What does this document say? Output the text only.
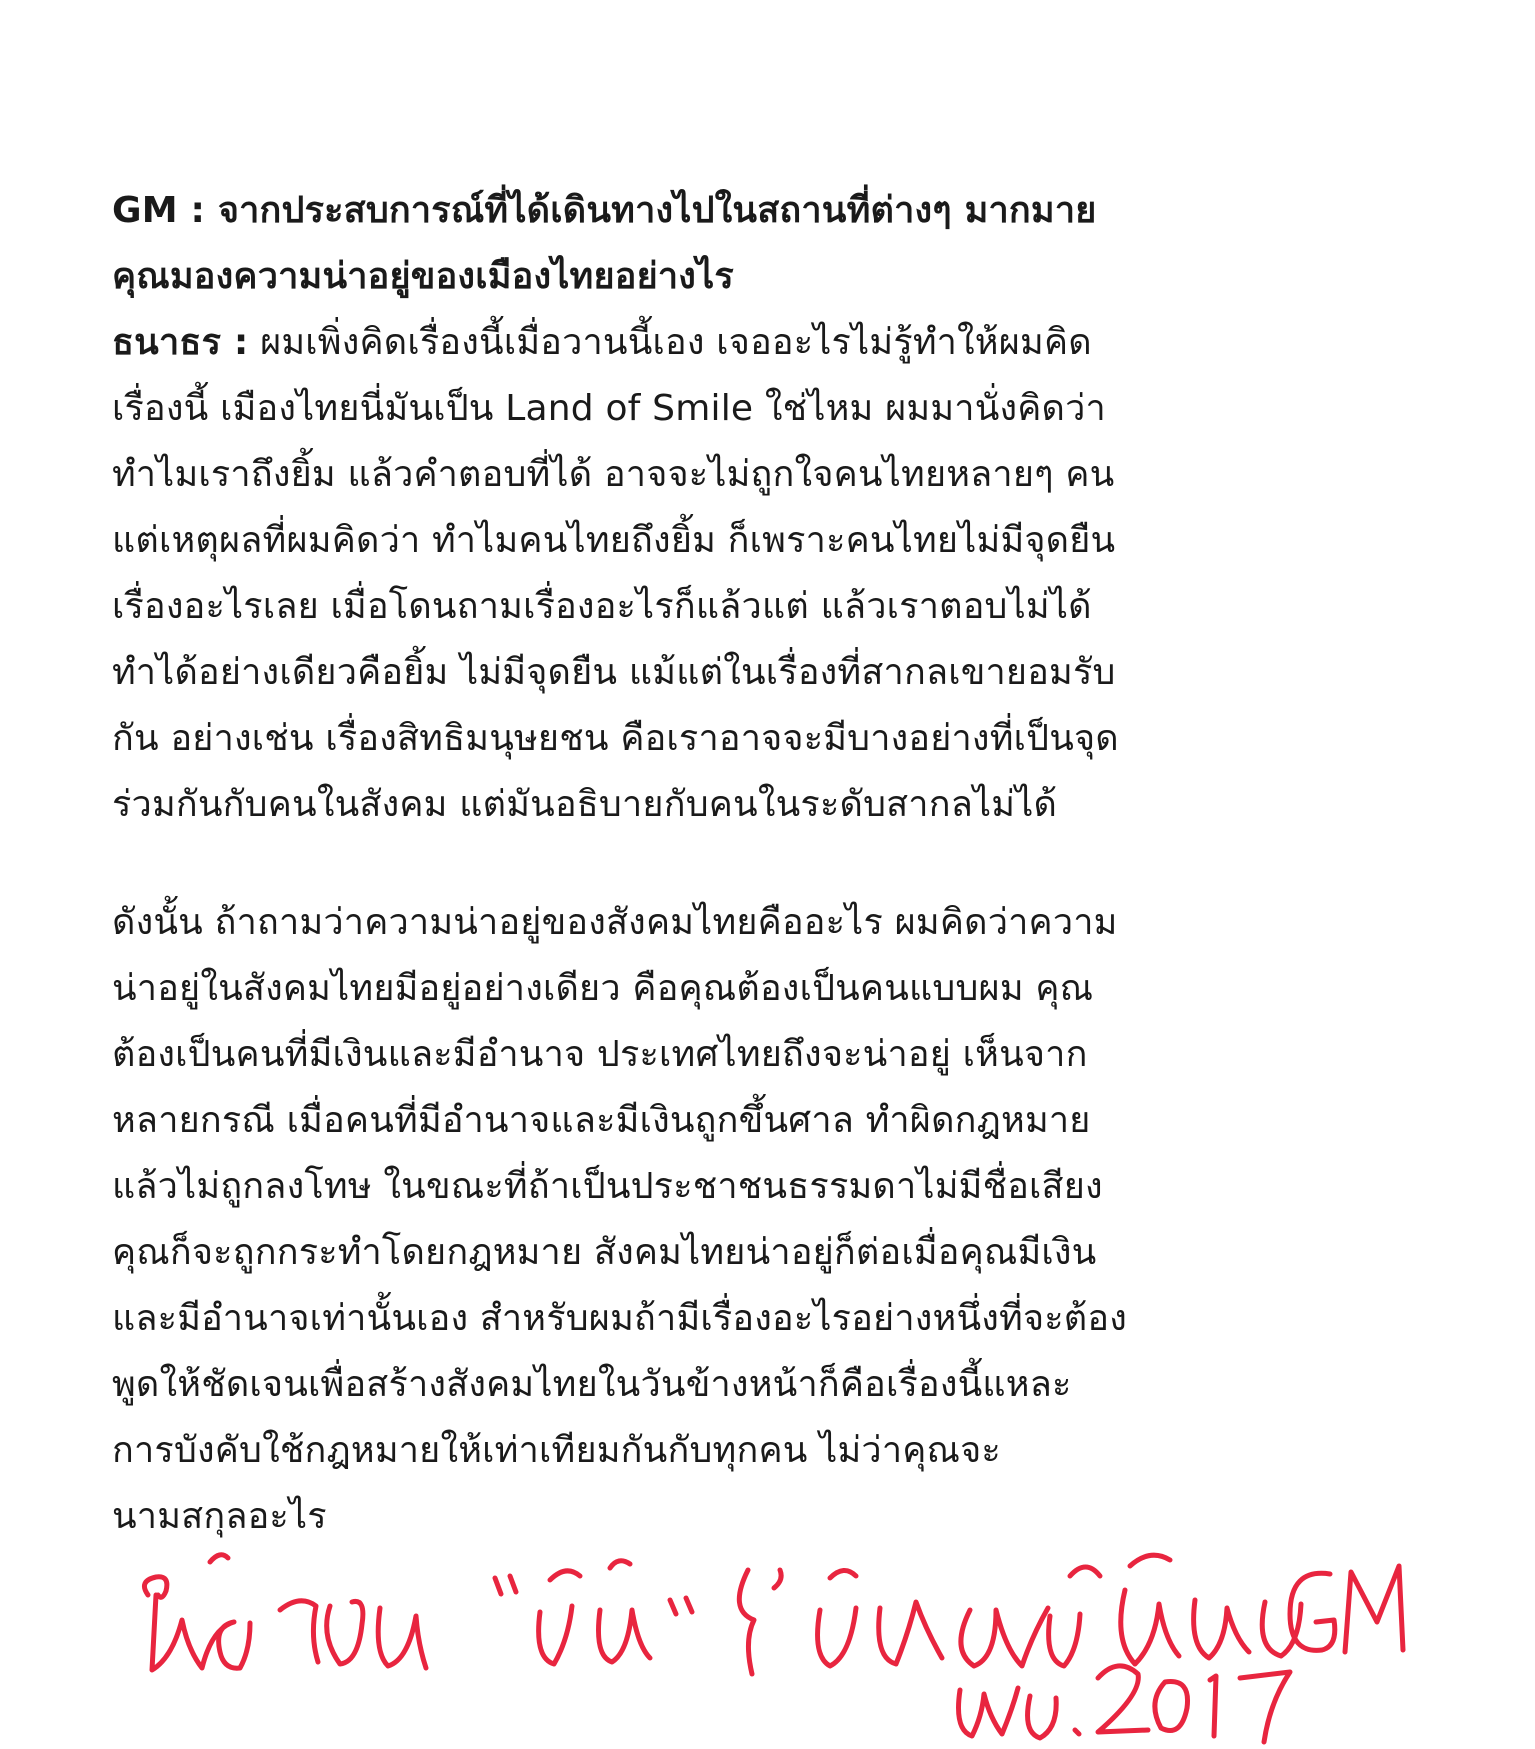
GM : จากประสบการณ์ที่ได้เดินทางไปในสถานที่ต่างๆ มากมาย
คุณมองความน่าอยู่ของเมืองไทยอย่างไร
ธนาธร : ผมเพิ่งคิดเรื่องนี้เมื่อวานนี้เอง เจออะไรไม่รู้ทำให้ผมคิด
เรื่องนี้ เมืองไทยนี่มันเป็น Land of Smile ใช่ไหม ผมมานั่งคิดว่า
ทำไมเราถึงยิ้ม แล้วคำตอบที่ได้ อาจจะไม่ถูกใจคนไทยหลายๆ คน
แต่เหตุผลที่ผมคิดว่า ทำไมคนไทยถึงยิ้ม ก็เพราะคนไทยไม่มีจุดยืน
เรื่องอะไรเลย เมื่อโดนถามเรื่องอะไรก็แล้วแต่ แล้วเราตอบไม่ได้
ทำได้อย่างเดียวคือยิ้ม ไม่มีจุดยืน แม้แต่ในเรื่องที่สากลเขายอมรับ
กัน อย่างเช่น เรื่องสิทธิมนุษยชน คือเราอาจจะมีบางอย่างที่เป็นจุด
ร่วมกันกับคนในสังคม แต่มันอธิบายกับคนในระดับสากลไม่ได้
ดังนั้น ถ้าถามว่าความน่าอยู่ของสังคมไทยคืออะไร ผมคิดว่าความ
น่าอยู่ในสังคมไทยมีอยู่อย่างเดียว คือคุณต้องเป็นคนแบบผม คุณ
ต้องเป็นคนที่มีเงินและมีอำนาจ ประเทศไทยถึงจะน่าอยู่ เห็นจาก
หลายกรณี เมื่อคนที่มีอำนาจและมีเงินถูกขึ้นศาล ทำผิดกฎหมาย
แล้วไม่ถูกลงโทษ ในขณะที่ถ้าเป็นประชาชนธรรมดาไม่มีชื่อเสียง
คุณก็จะถูกกระทำโดยกฎหมาย สังคมไทยน่าอยู่ก็ต่อเมื่อคุณมีเงิน
และมีอำนาจเท่านั้นเอง สำหรับผมถ้ามีเรื่องอะไรอย่างหนึ่งที่จะต้อง
พูดให้ชัดเจนเพื่อสร้างสังคมไทยในวันข้างหน้าก็คือเรื่องนี้แหละ
การบังคับใช้กฎหมายให้เท่าเทียมกันกับทุกคน ไม่ว่าคุณจะ
นามสกุลอะไร
